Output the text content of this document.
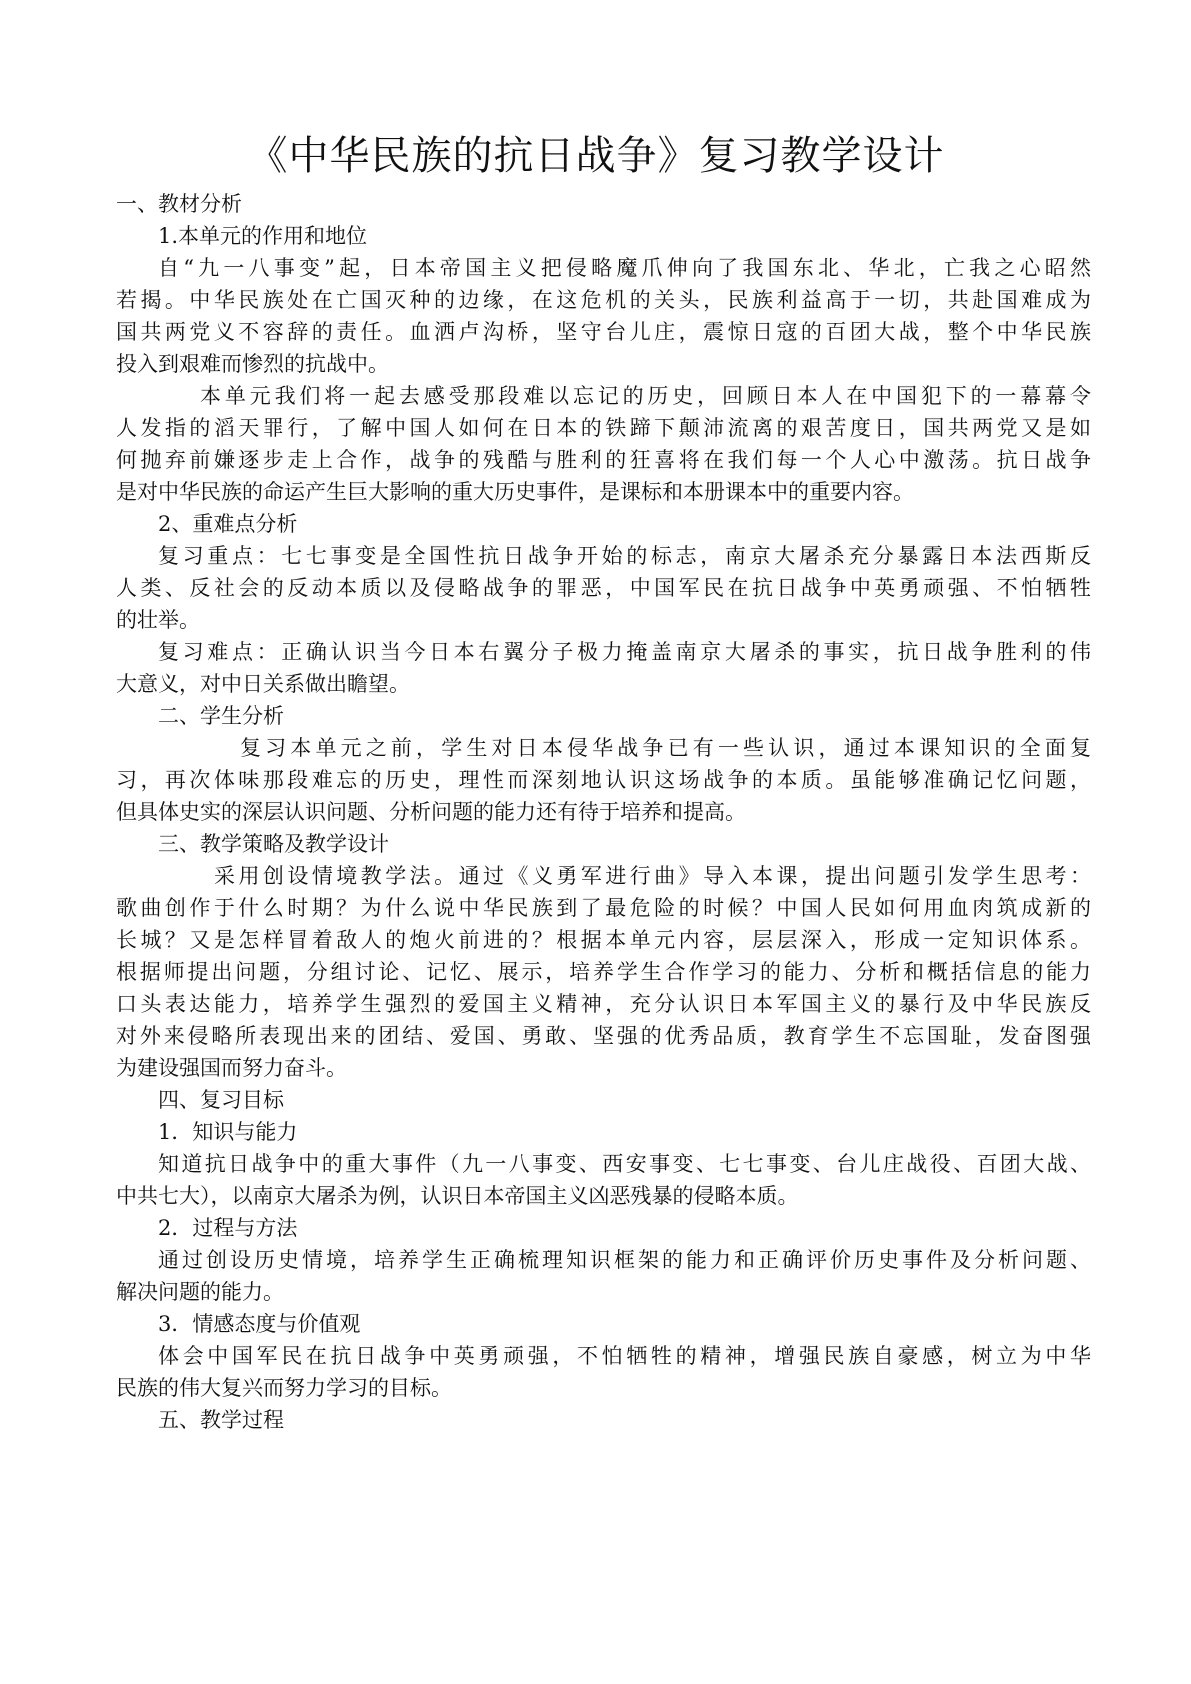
《中华民族的抗日战争》复习教学设计

一、教材分析

1.本单元的作用和地位

自“九一八事变”起，日本帝国主义把侵略魔爪伸向了我国东北、华北，亡我之心昭然

若揭。中华民族处在亡国灭种的边缘，在这危机的关头，民族利益高于一切，共赴国难成为

国共两党义不容辞的责任。血洒卢沟桥，坚守台儿庄，震惊日寇的百团大战，整个中华民族

投入到艰难而惨烈的抗战中。

本单元我们将一起去感受那段难以忘记的历史，回顾日本人在中国犯下的一幕幕令

人发指的滔天罪行，了解中国人如何在日本的铁蹄下颠沛流离的艰苦度日，国共两党又是如

何抛弃前嫌逐步走上合作，战争的残酷与胜利的狂喜将在我们每一个人心中激荡。抗日战争

是对中华民族的命运产生巨大影响的重大历史事件，是课标和本册课本中的重要内容。

2、重难点分析

复习重点：七七事变是全国性抗日战争开始的标志，南京大屠杀充分暴露日本法西斯反

人类、反社会的反动本质以及侵略战争的罪恶，中国军民在抗日战争中英勇顽强、不怕牺牲

的壮举。

复习难点：正确认识当今日本右翼分子极力掩盖南京大屠杀的事实，抗日战争胜利的伟

大意义，对中日关系做出瞻望。

二、学生分析

复习本单元之前，学生对日本侵华战争已有一些认识，通过本课知识的全面复

习，再次体味那段难忘的历史，理性而深刻地认识这场战争的本质。虽能够准确记忆问题，

但具体史实的深层认识问题、分析问题的能力还有待于培养和提高。

三、教学策略及教学设计

采用创设情境教学法。通过《义勇军进行曲》导入本课，提出问题引发学生思考：

歌曲创作于什么时期？为什么说中华民族到了最危险的时候？中国人民如何用血肉筑成新的

长城？又是怎样冒着敌人的炮火前进的？根据本单元内容，层层深入，形成一定知识体系。

根据师提出问题，分组讨论、记忆、展示，培养学生合作学习的能力、分析和概括信息的能力

口头表达能力，培养学生强烈的爱国主义精神，充分认识日本军国主义的暴行及中华民族反

对外来侵略所表现出来的团结、爱国、勇敢、坚强的优秀品质，教育学生不忘国耻，发奋图强

为建设强国而努力奋斗。

四、复习目标

1．知识与能力

知道抗日战争中的重大事件（九一八事变、西安事变、七七事变、台儿庄战役、百团大战、

中共七大），以南京大屠杀为例，认识日本帝国主义凶恶残暴的侵略本质。

2．过程与方法

通过创设历史情境，培养学生正确梳理知识框架的能力和正确评价历史事件及分析问题、

解决问题的能力。

3．情感态度与价值观

体会中国军民在抗日战争中英勇顽强，不怕牺牲的精神，增强民族自豪感，树立为中华

民族的伟大复兴而努力学习的目标。

五、教学过程
